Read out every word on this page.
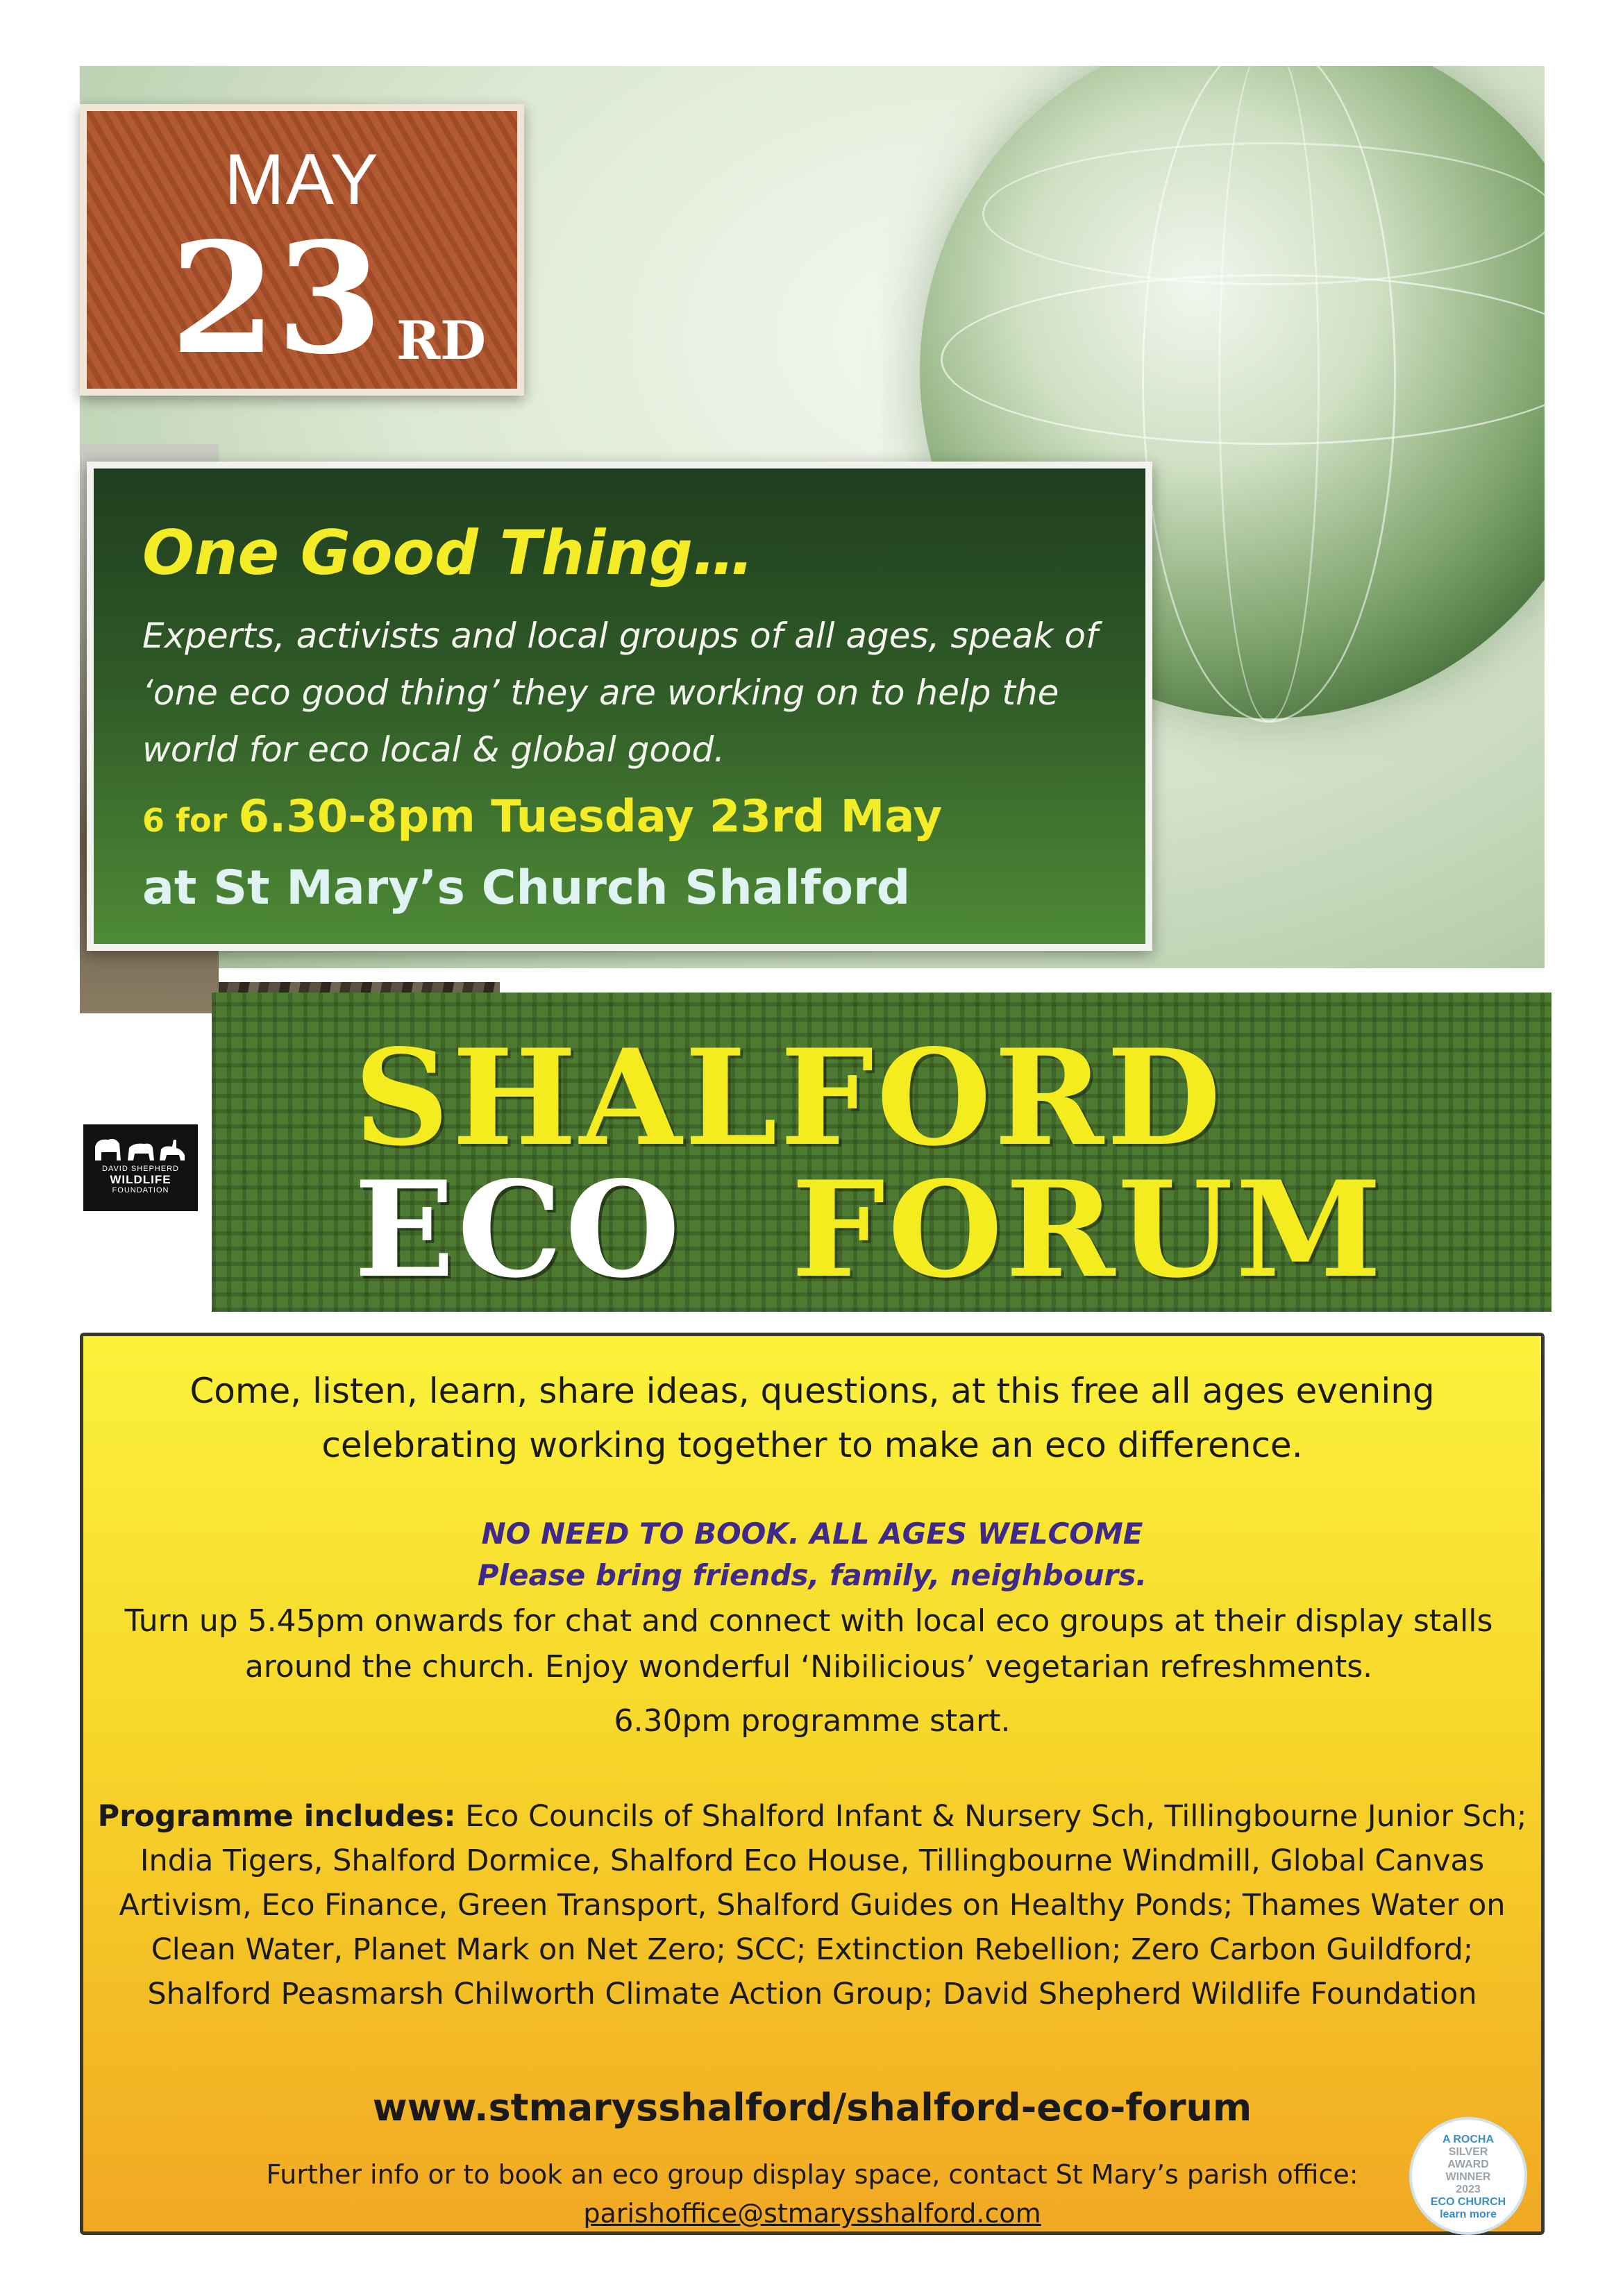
MAY
23 RD
One Good Thing…
Experts, activists and local groups of all ages, speak of ‘one eco good thing’ they are working on to help the world for eco local & global good.
6 for 6.30-8pm Tuesday 23rd May
at St Mary’s Church Shalford
DAVID SHEPHERD
WILDLIFE
FOUNDATION
SHALFORD
ECO FORUM
Come, listen, learn, share ideas, questions, at this free all ages evening
celebrating working together to make an eco difference.
NO NEED TO BOOK. ALL AGES WELCOME
Please bring friends, family, neighbours.
Turn up 5.45pm onwards for chat and connect with local eco groups at their display stalls
around the church. Enjoy wonderful ‘Nibilicious’ vegetarian refreshments.
6.30pm programme start.
Programme includes: Eco Councils of Shalford Infant & Nursery Sch, Tillingbourne Junior Sch; India Tigers, Shalford Dormice, Shalford Eco House, Tillingbourne Windmill, Global Canvas Artivism, Eco Finance, Green Transport, Shalford Guides on Healthy Ponds; Thames Water on Clean Water, Planet Mark on Net Zero; SCC; Extinction Rebellion; Zero Carbon Guildford; Shalford Peasmarsh Chilworth Climate Action Group; David Shepherd Wildlife Foundation
www.stmarysshalford/shalford-eco-forum
Further info or to book an eco group display space, contact St Mary’s parish office:
parishoffice@stmarysshalford.com
A ROCHA
SILVER
AWARD
WINNER
2023
ECO CHURCH
learn more
